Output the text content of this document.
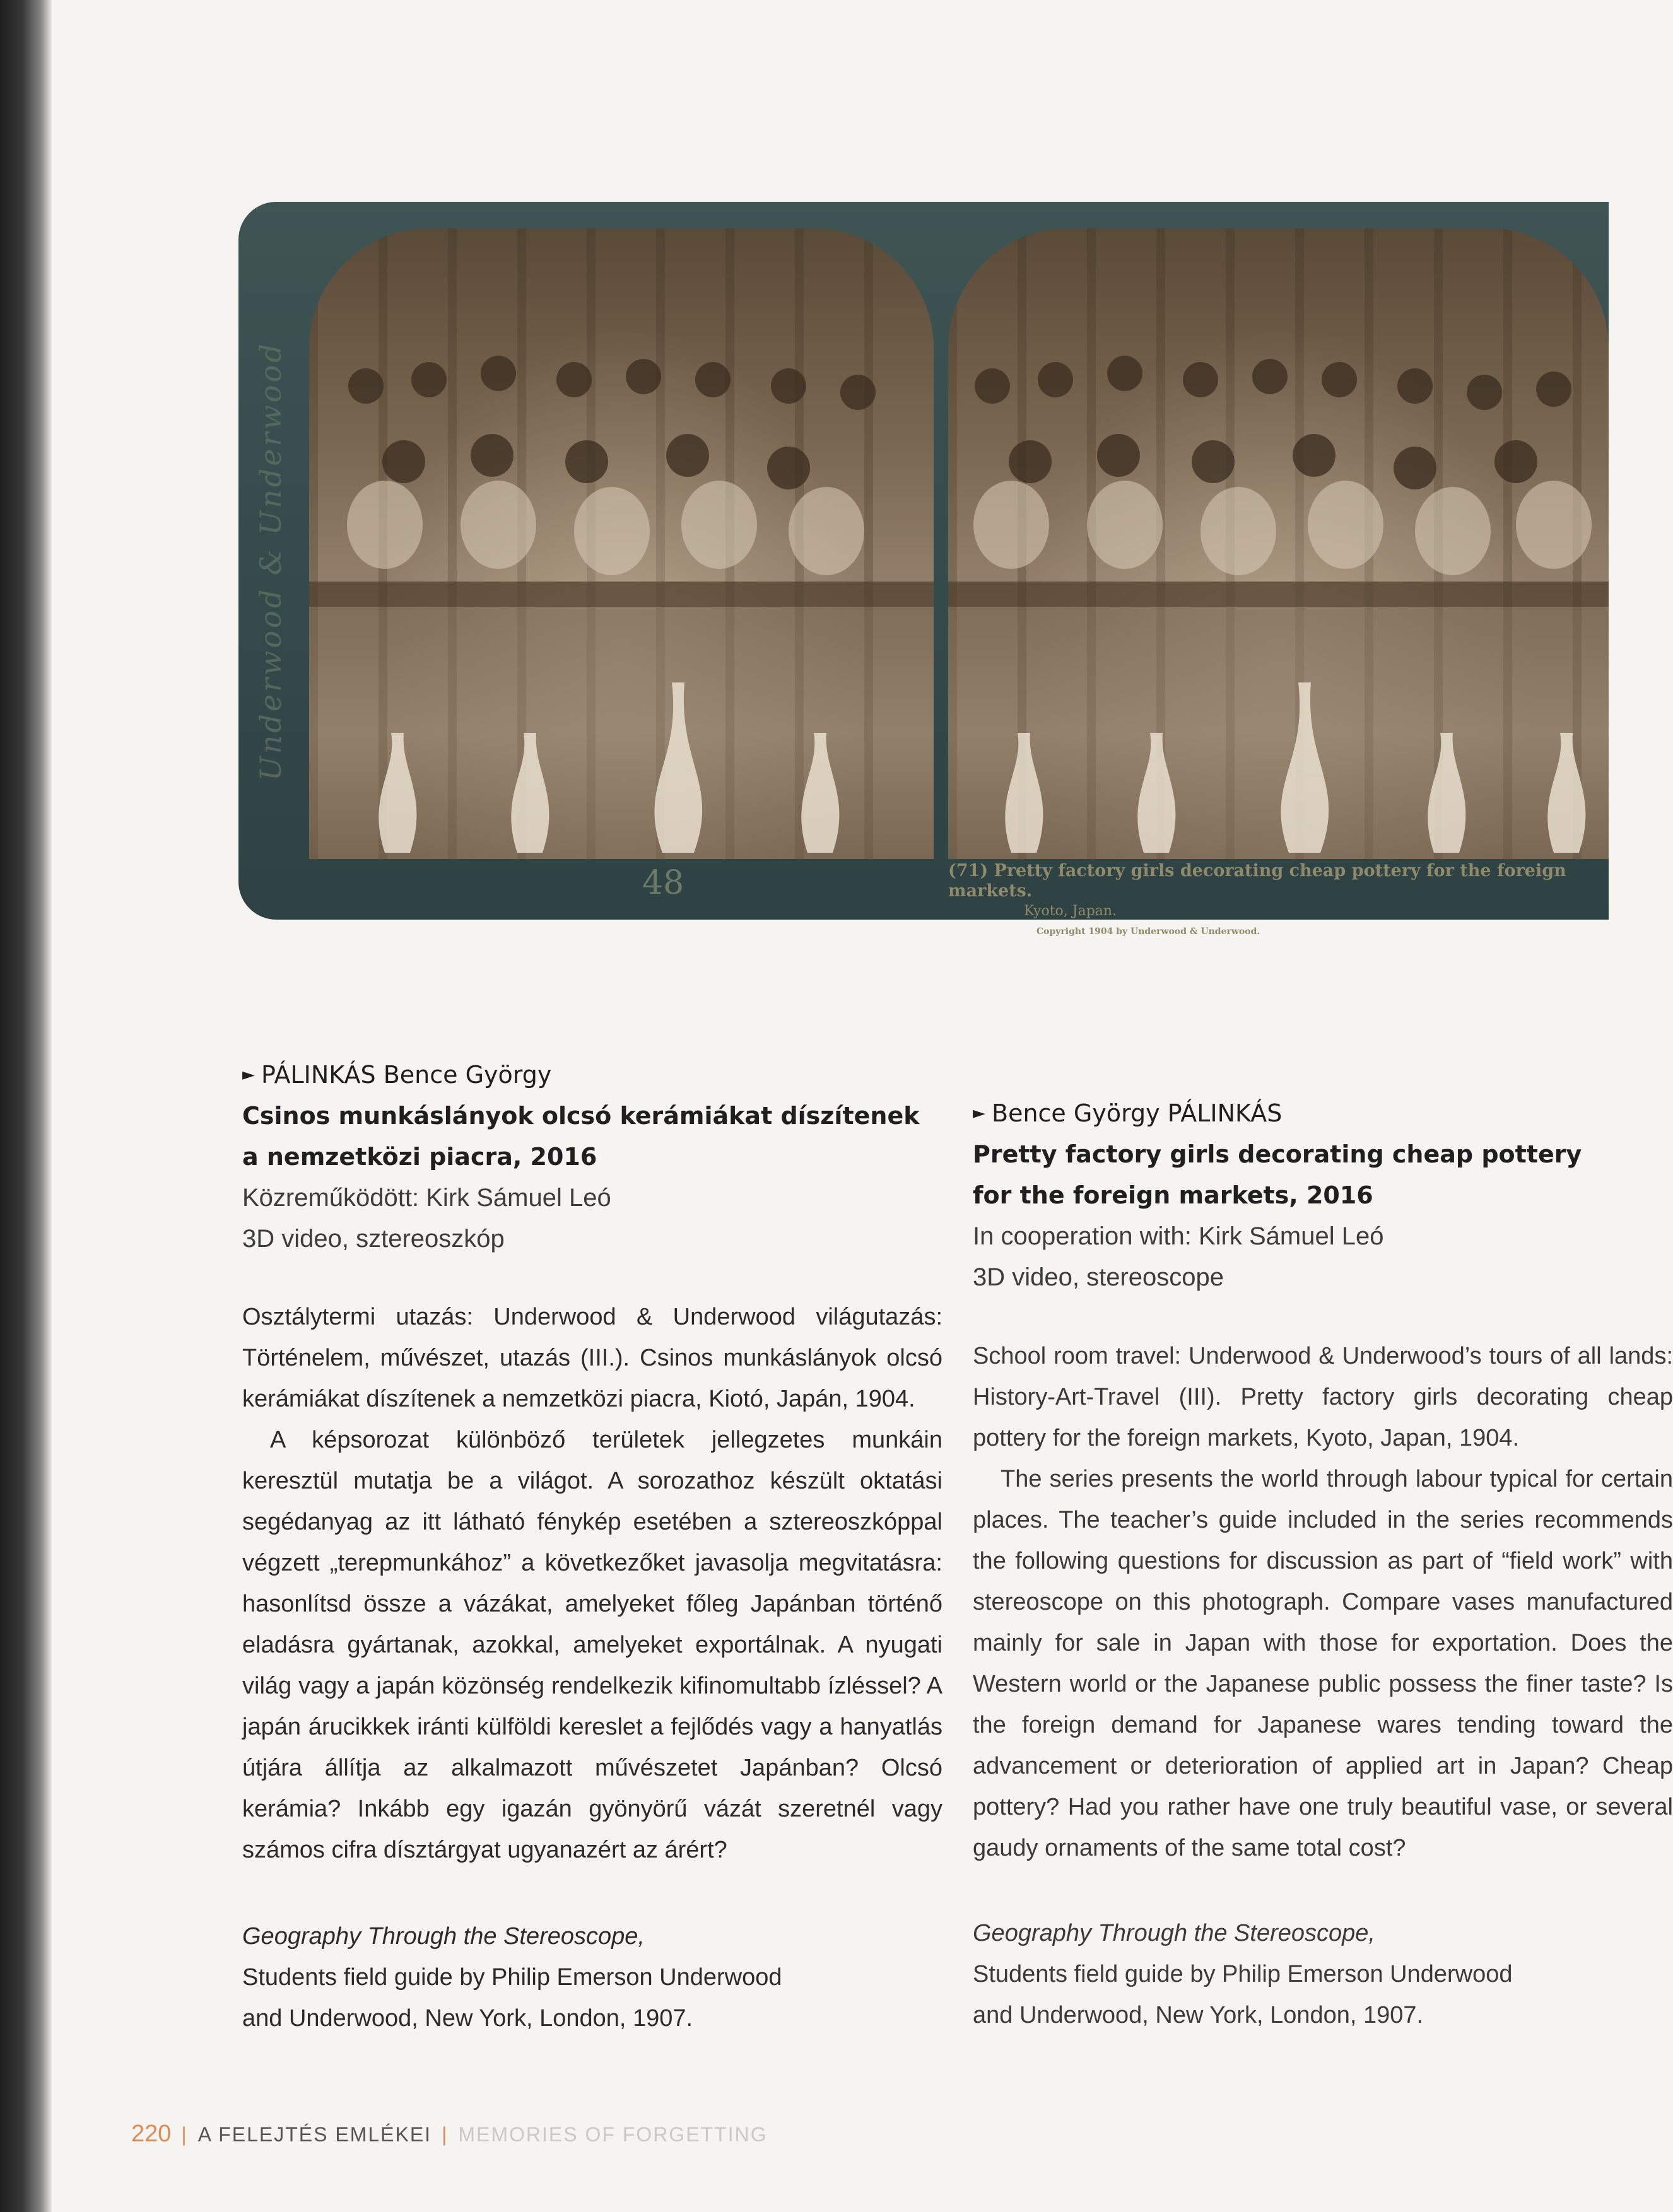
Underwood & Underwood
48	(71) Pretty factory girls decorating cheap pottery for the foreign markets.
Kyoto, Japan.
Copyright 1904 by Underwood & Underwood.
► PÁLINKÁS Bence György
Csinos munkáslányok olcsó kerámiákat díszítenek
a nemzetközi piacra, 2016
Közreműködött: Kirk Sámuel Leó
3D video, sztereoszkóp

Osztálytermi utazás: Underwood & Underwood világutazás: Történelem, művészet, utazás (III.). Csinos munkáslányok olcsó kerámiákat díszítenek a nemzetközi piacra, Kiotó, Japán, 1904.

A képsorozat különböző területek jellegzetes munkáin keresztül mutatja be a világot. A sorozathoz készült oktatási segédanyag az itt látható fénykép esetében a sztereoszkóppal végzett „terepmunkához” a következőket javasolja megvitatásra: hasonlítsd össze a vázákat, amelyeket főleg Japánban történő eladásra gyártanak, azokkal, amelyeket exportálnak. A nyugati világ vagy a japán közönség rendelkezik kifinomultabb ízléssel? A japán árucikkek iránti külföldi kereslet a fejlődés vagy a hanyatlás útjára állítja az alkalmazott művészetet Japánban? Olcsó kerámia? Inkább egy igazán gyönyörű vázát szeretnél vagy számos cifra dísztárgyat ugyanazért az árért?

Geography Through the Stereoscope,
Students field guide by Philip Emerson Underwood
and Underwood, New York, London, 1907.
► Bence György PÁLINKÁS
Pretty factory girls decorating cheap pottery
for the foreign markets, 2016
In cooperation with: Kirk Sámuel Leó
3D video, stereoscope

School room travel: Underwood & Underwood’s tours of all lands: History-Art-Travel (III). Pretty factory girls decorating cheap pottery for the foreign markets, Kyoto, Japan, 1904.

The series presents the world through labour typical for certain places. The teacher’s guide included in the series recommends the following questions for discussion as part of “field work” with stereoscope on this photograph. Compare vases manufactured mainly for sale in Japan with those for exportation. Does the Western world or the Japanese public possess the finer taste? Is the foreign demand for Japanese wares tending toward the advancement or deterioration of applied art in Japan? Cheap pottery? Had you rather have one truly beautiful vase, or several gaudy ornaments of the same total cost?

Geography Through the Stereoscope,
Students field guide by Philip Emerson Underwood
and Underwood, New York, London, 1907.
220 | A FELEJTÉS EMLÉKEI | MEMORIES OF FORGETTING
